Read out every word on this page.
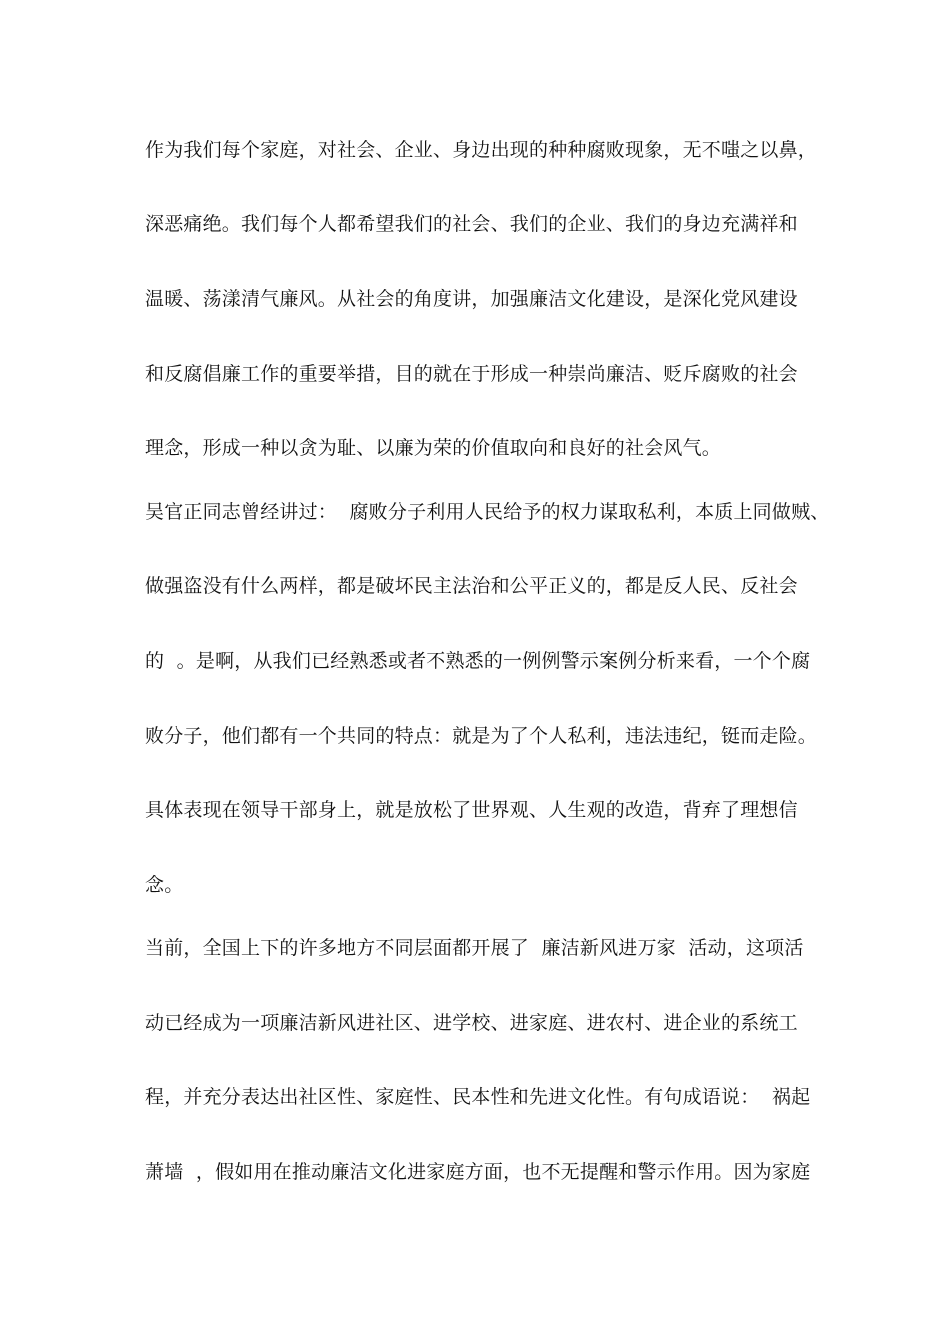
作为我们每个家庭，对社会、企业、身边出现的种种腐败现象，无不嗤之以鼻，
深恶痛绝。我们每个人都希望我们的社会、我们的企业、我们的身边充满祥和
温暖、荡漾清气廉风。从社会的角度讲，加强廉洁文化建设，是深化党风建设
和反腐倡廉工作的重要举措，目的就在于形成一种崇尚廉洁、贬斥腐败的社会
理念，形成一种以贪为耻、以廉为荣的价值取向和良好的社会风气。
吴官正同志曾经讲过：  腐败分子利用人民给予的权力谋取私利，本质上同做贼、
做强盗没有什么两样，都是破坏民主法治和公平正义的，都是反人民、反社会
的  。是啊，从我们已经熟悉或者不熟悉的一例例警示案例分析来看，一个个腐
败分子，他们都有一个共同的特点：就是为了个人私利，违法违纪，铤而走险。
具体表现在领导干部身上，就是放松了世界观、人生观的改造，背弃了理想信
念。
当前，全国上下的许多地方不同层面都开展了  廉洁新风进万家  活动，这项活
动已经成为一项廉洁新风进社区、进学校、进家庭、进农村、进企业的系统工
程，并充分表达出社区性、家庭性、民本性和先进文化性。有句成语说：  祸起
萧墙  ，假如用在推动廉洁文化进家庭方面，也不无提醒和警示作用。因为家庭
